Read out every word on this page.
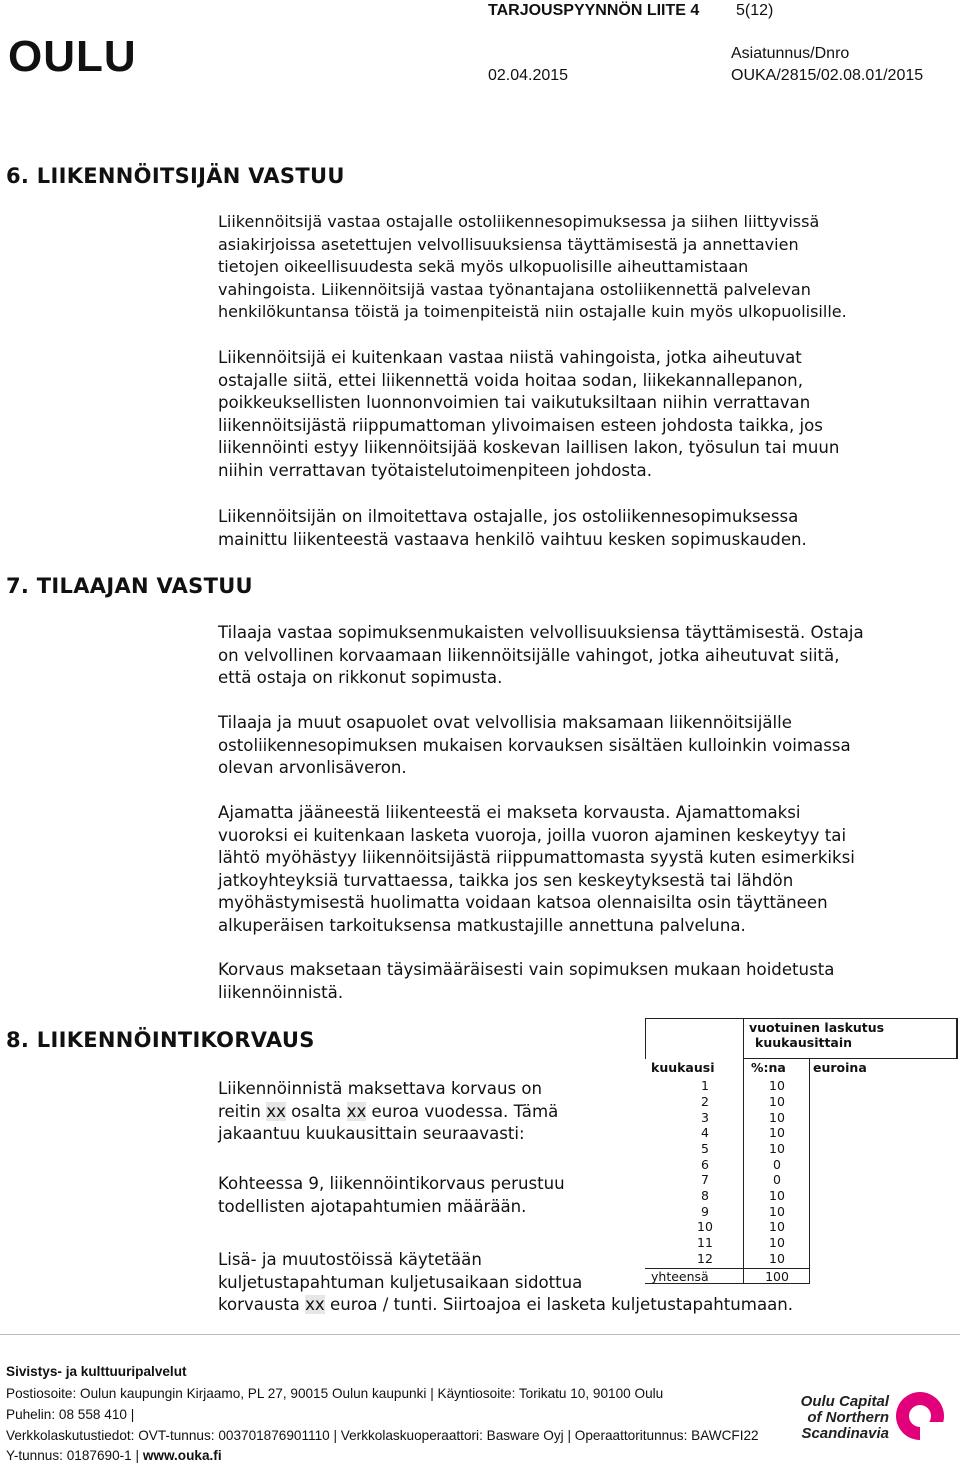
OULU
TARJOUSPYYNNÖN LIITE 4 5(12)
02.04.2015
Asiatunnus/Dnro
OUKA/2815/02.08.01/2015
6. LIIKENNÖITSIJÄN VASTUU
Liikennöitsijä vastaa ostajalle ostoliikennesopimuksessa ja siihen liittyvissä
asiakirjoissa asetettujen velvollisuuksiensa täyttämisestä ja annettavien
tietojen oikeellisuudesta sekä myös ulkopuolisille aiheuttamistaan
vahingoista. Liikennöitsijä vastaa työnantajana ostoliikennettä palvelevan
henkilökuntansa töistä ja toimenpiteistä niin ostajalle kuin myös ulkopuolisille.
Liikennöitsijä ei kuitenkaan vastaa niistä vahingoista, jotka aiheutuvat
ostajalle siitä, ettei liikennettä voida hoitaa sodan, liikekannallepanon,
poikkeuksellisten luonnonvoimien tai vaikutuksiltaan niihin verrattavan
liikennöitsijästä riippumattoman ylivoimaisen esteen johdosta taikka, jos
liikennöinti estyy liikennöitsijää koskevan laillisen lakon, työsulun tai muun
niihin verrattavan työtaistelutoimenpiteen johdosta.
Liikennöitsijän on ilmoitettava ostajalle, jos ostoliikennesopimuksessa
mainittu liikenteestä vastaava henkilö vaihtuu kesken sopimuskauden.
7. TILAAJAN VASTUU
Tilaaja vastaa sopimuksenmukaisten velvollisuuksiensa täyttämisestä. Ostaja
on velvollinen korvaamaan liikennöitsijälle vahingot, jotka aiheutuvat siitä,
että ostaja on rikkonut sopimusta.
Tilaaja ja muut osapuolet ovat velvollisia maksamaan liikennöitsijälle
ostoliikennesopimuksen mukaisen korvauksen sisältäen kulloinkin voimassa
olevan arvonlisäveron.
Ajamatta jääneestä liikenteestä ei makseta korvausta. Ajamattomaksi
vuoroksi ei kuitenkaan lasketa vuoroja, joilla vuoron ajaminen keskeytyy tai
lähtö myöhästyy liikennöitsijästä riippumattomasta syystä kuten esimerkiksi
jatkoyhteyksiä turvattaessa, taikka jos sen keskeytyksestä tai lähdön
myöhästymisestä huolimatta voidaan katsoa olennaisilta osin täyttäneen
alkuperäisen tarkoituksensa matkustajille annettuna palveluna.
Korvaus maksetaan täysimääräisesti vain sopimuksen mukaan hoidetusta
liikennöinnistä.
8. LIIKENNÖINTIKORVAUS
Liikennöinnistä maksettava korvaus on
reitin xx osalta xx euroa vuodessa. Tämä
jakaantuu kuukausittain seuraavasti:
Kohteessa 9, liikennöintikorvaus perustuu
todellisten ajotapahtumien määrään.
Lisä- ja muutostöissä käytetään
kuljetustapahtuman kuljetusaikaan sidottua
korvausta xx euroa / tunti. Siirtoajoa ei lasketa kuljetustapahtumaan.
vuotuinen laskutus
kuukausittain
kuukausi	%:na euroina
1	10
2	10
3	10
4	10
5	10
6	0
7	0
8	10
9	10
10	10
11	10
12	10
yhteensä	100
Sivistys- ja kulttuuripalvelut
Postiosoite: Oulun kaupungin Kirjaamo, PL 27, 90015 Oulun kaupunki | Käyntiosoite: Torikatu 10, 90100 Oulu
Puhelin: 08 558 410 |
Verkkolaskutustiedot: OVT-tunnus: 003701876901110 | Verkkolaskuoperaattori: Basware Oyj | Operaattoritunnus: BAWCFI22
Y-tunnus: 0187690-1 | www.ouka.fi
Oulu Capital
of Northern
Scandinavia
